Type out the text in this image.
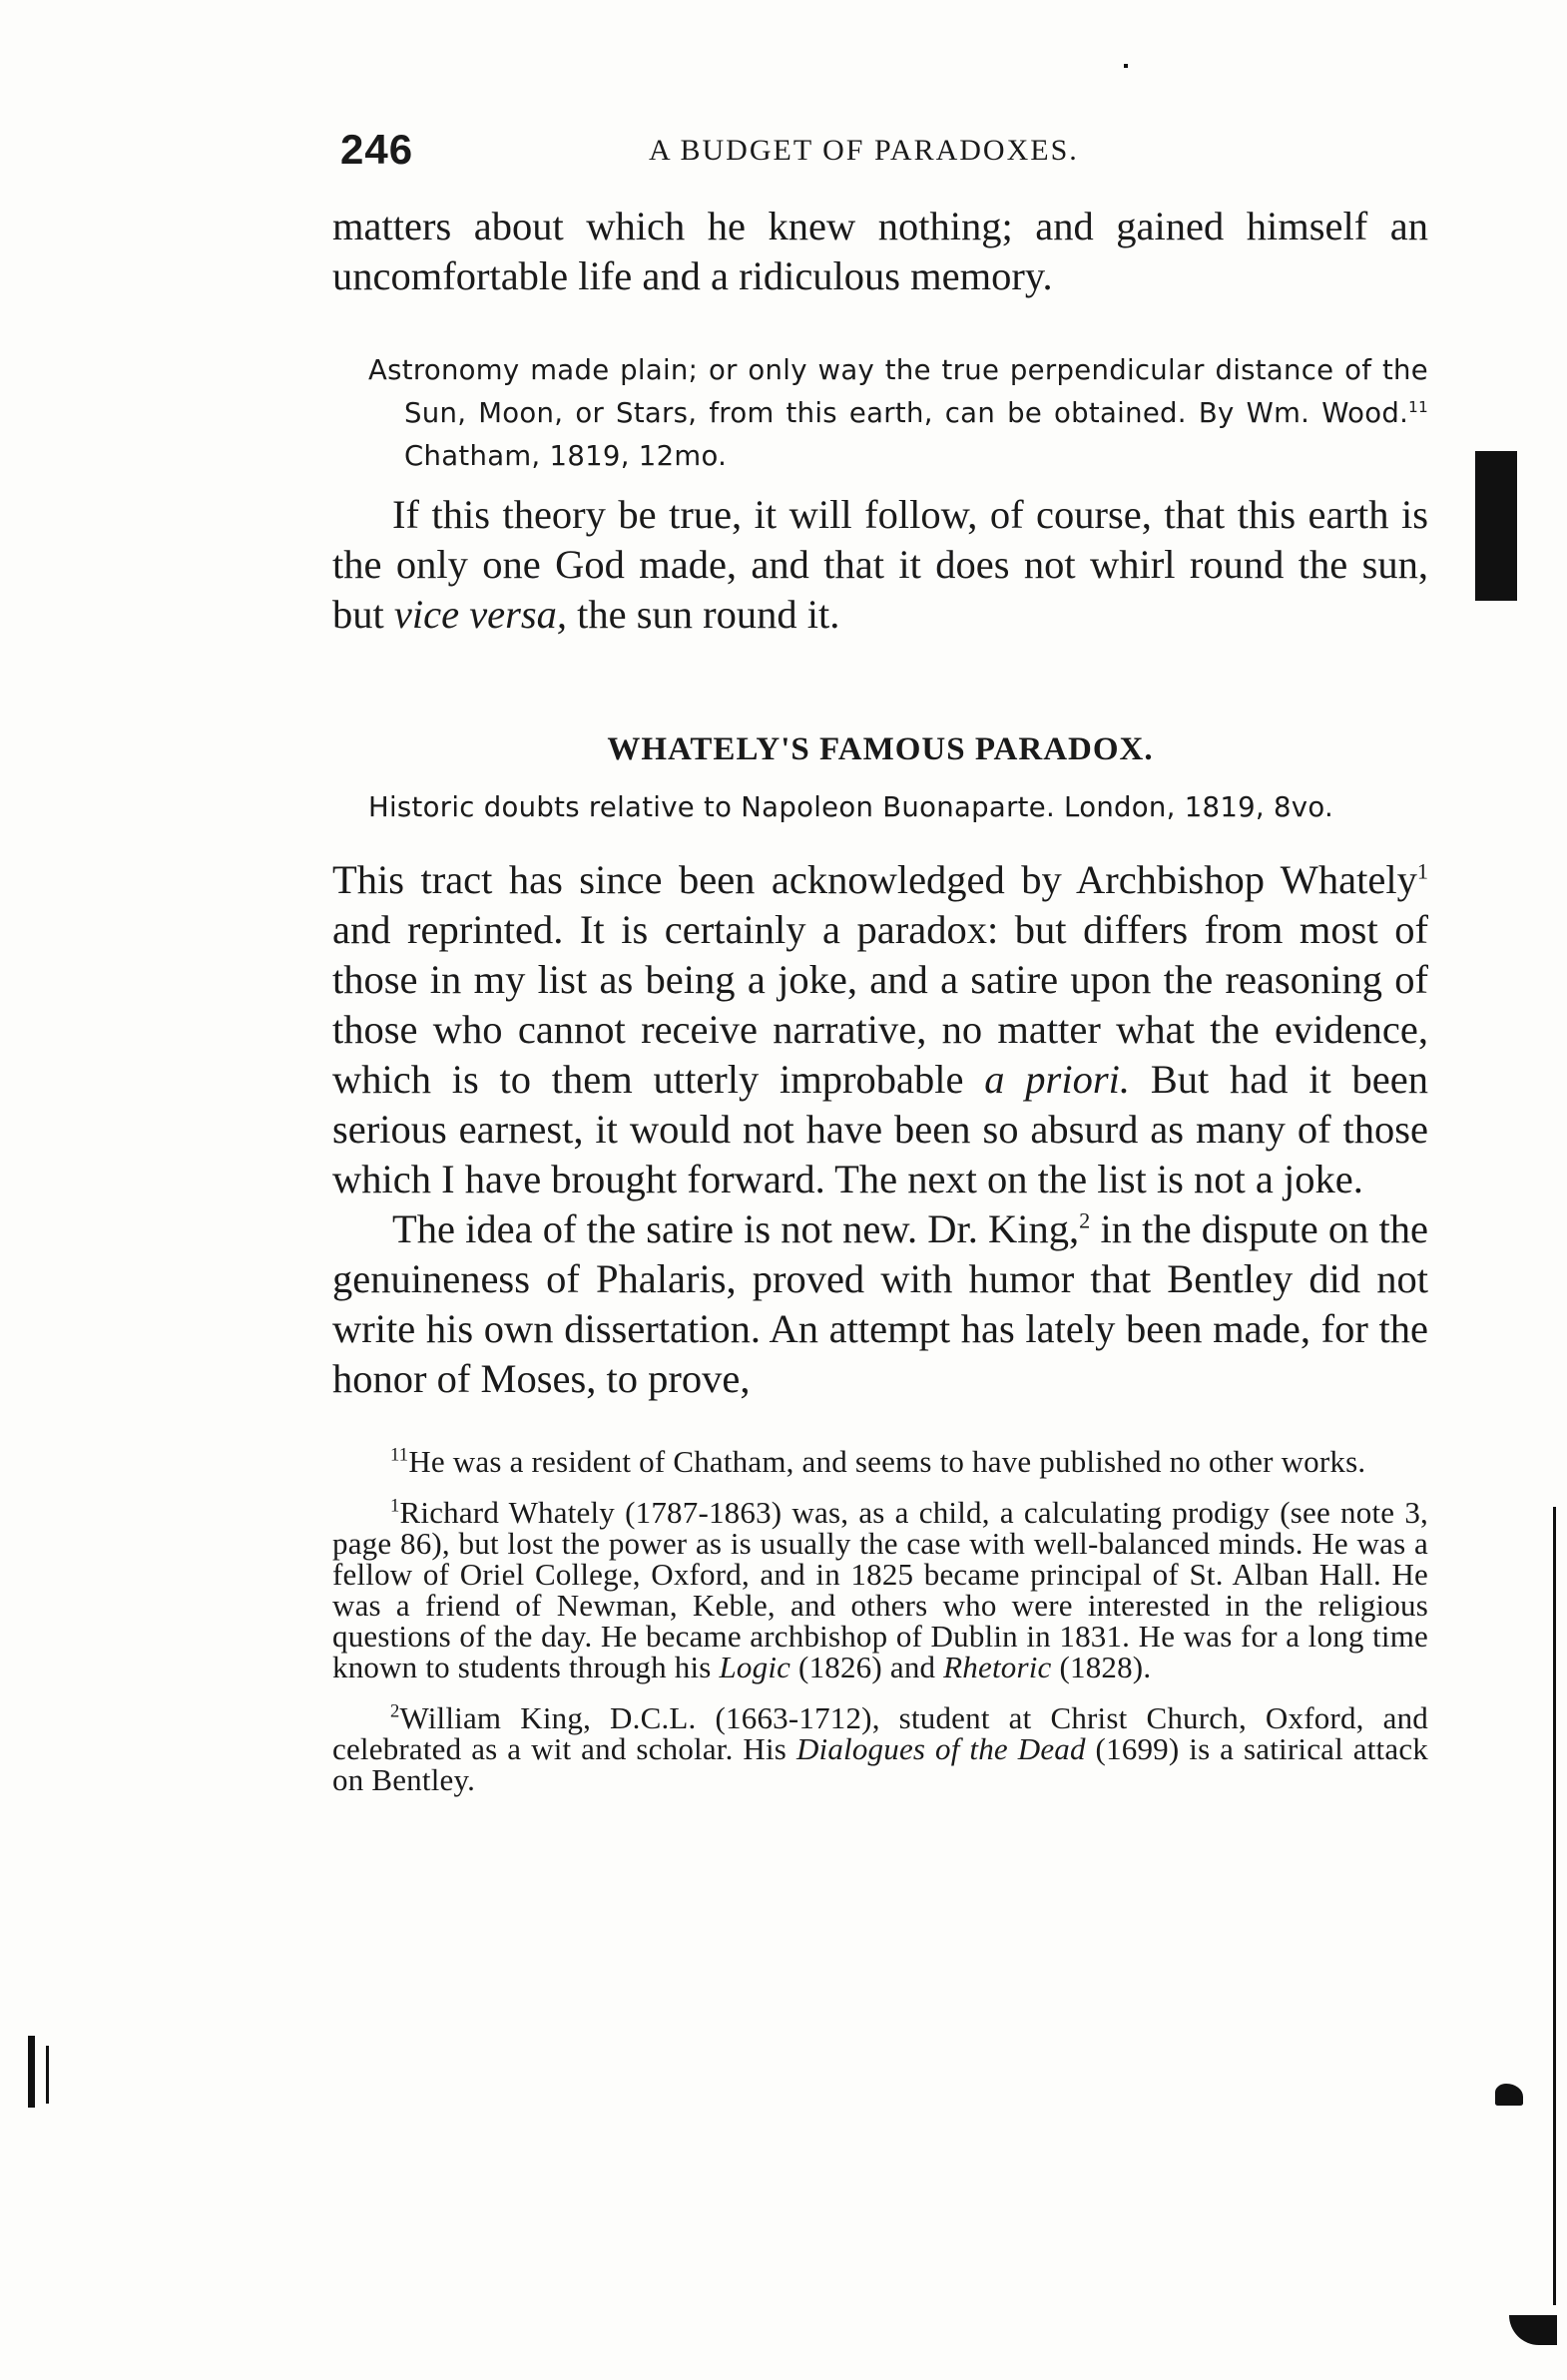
246	A BUDGET OF PARADOXES.

matters about which he knew nothing; and gained himself an uncomfortable life and a ridiculous memory.

Astronomy made plain; or only way the true perpendicular distance of the Sun, Moon, or Stars, from this earth, can be obtained. By Wm. Wood.$^{11}$ Chatham, 1819, 12mo.

If this theory be true, it will follow, of course, that this earth is the only one God made, and that it does not whirl round the sun, but vice versa, the sun round it.

WHATELY'S FAMOUS PARADOX.

Historic doubts relative to Napoleon Buonaparte. London, 1819, 8vo.

This tract has since been acknowledged by Archbishop Whately$^1$ and reprinted. It is certainly a paradox: but differs from most of those in my list as being a joke, and a satire upon the reasoning of those who cannot receive narrative, no matter what the evidence, which is to them utterly improbable a priori. But had it been serious earnest, it would not have been so absurd as many of those which I have brought forward. The next on the list is not a joke.

The idea of the satire is not new. Dr. King,$^2$ in the dispute on the genuineness of Phalaris, proved with humor that Bentley did not write his own dissertation. An attempt has lately been made, for the honor of Moses, to prove,

$^{11}$He was a resident of Chatham, and seems to have published no other works.

$^1$Richard Whately (1787-1863) was, as a child, a calculating prodigy (see note 3, page 86), but lost the power as is usually the case with well-balanced minds. He was a fellow of Oriel College, Oxford, and in 1825 became principal of St. Alban Hall. He was a friend of Newman, Keble, and others who were interested in the religious questions of the day. He became archbishop of Dublin in 1831. He was for a long time known to students through his Logic (1826) and Rhetoric (1828).

$^2$William King, D.C.L. (1663-1712), student at Christ Church, Oxford, and celebrated as a wit and scholar. His Dialogues of the Dead (1699) is a satirical attack on Bentley.
